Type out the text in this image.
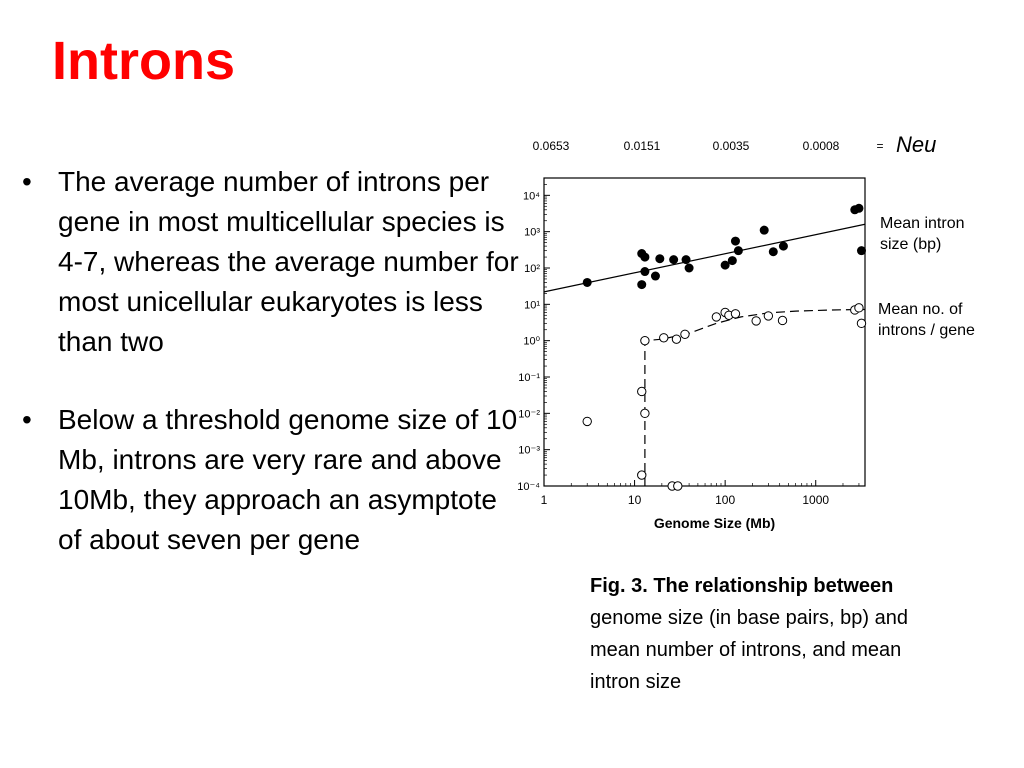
Introns
• The average number of introns per gene in most multicellular species is 4-7, whereas the average number for most unicellular eukaryotes is less than two
• Below a threshold genome size of 10 Mb, introns are very rare and above 10Mb, they approach an asymptote of about seven per gene
0.0653	0.0151	0.0035	0.0008	= Neu
10⁴
10³
10²
10¹
10⁰
10⁻¹
10⁻²
10⁻³
10⁻⁴
1	10	100	1000
Mean intron
size (bp)
Mean no. of
introns / gene
Genome Size (Mb)
Fig. 3. The relationship between genome size (in base pairs, bp) and mean number of introns, and mean intron size
